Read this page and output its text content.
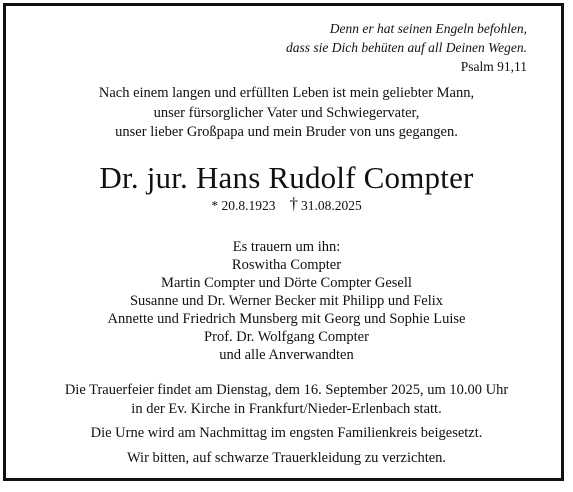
Denn er hat seinen Engeln befohlen,
dass sie Dich behüten auf all Deinen Wegen.
Psalm 91,11
Nach einem langen und erfüllten Leben ist mein geliebter Mann,
unser fürsorglicher Vater und Schwiegervater,
unser lieber Großpapa und mein Bruder von uns gegangen.
Dr. jur. Hans Rudolf Compter
* 20.8.1923 † 31.08.2025
Es trauern um ihn:
Roswitha Compter
Martin Compter und Dörte Compter Gesell
Susanne und Dr. Werner Becker mit Philipp und Felix
Annette und Friedrich Munsberg mit Georg und Sophie Luise
Prof. Dr. Wolfgang Compter
und alle Anverwandten
Die Trauerfeier findet am Dienstag, dem 16. September 2025, um 10.00 Uhr
in der Ev. Kirche in Frankfurt/Nieder-Erlenbach statt.
Die Urne wird am Nachmittag im engsten Familienkreis beigesetzt.
Wir bitten, auf schwarze Trauerkleidung zu verzichten.
